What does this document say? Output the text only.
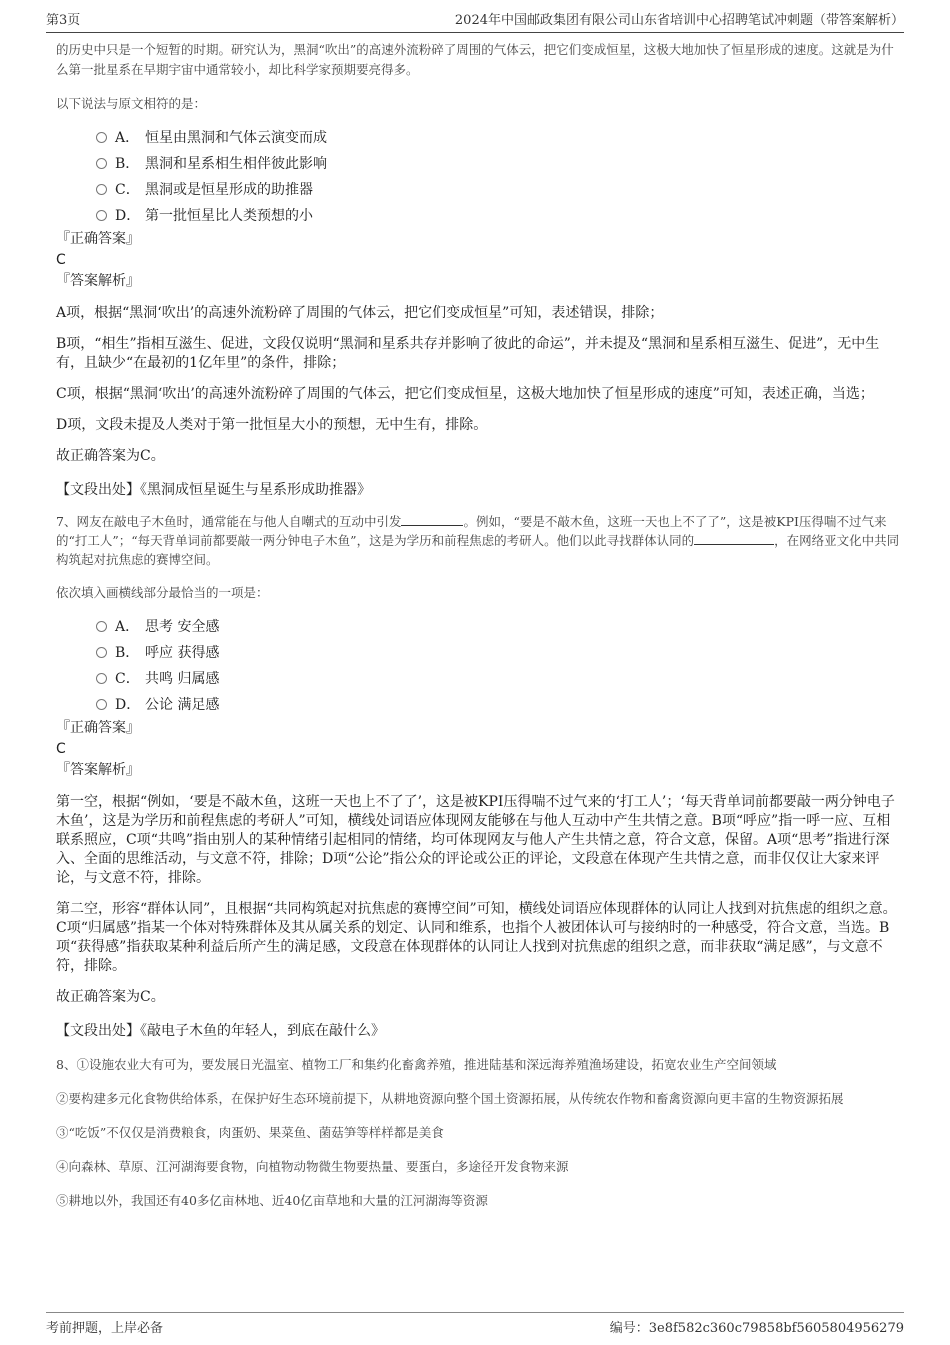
第3页	2024年中国邮政集团有限公司山东省培训中心招聘笔试冲刺题（带答案解析）

的历史中只是一个短暂的时期。研究认为，黑洞“吹出”的高速外流粉碎了周围的气体云，把它们变成恒星，这极大地加快了恒星形成的速度。这就是为什么第一批星系在早期宇宙中通常较小，却比科学家预期要亮得多。

以下说法与原文相符的是：

A． 恒星由黑洞和气体云演变而成
B． 黑洞和星系相生相伴彼此影响
C． 黑洞或是恒星形成的助推器
D． 第一批恒星比人类预想的小

『正确答案』

C

『答案解析』

A项，根据“黑洞‘吹出’的高速外流粉碎了周围的气体云，把它们变成恒星”可知，表述错误，排除；

B项，“相生”指相互滋生、促进，文段仅说明“黑洞和星系共存并影响了彼此的命运”，并未提及“黑洞和星系相互滋生、促进”，无中生有，且缺少“在最初的1亿年里”的条件，排除；

C项，根据“黑洞‘吹出’的高速外流粉碎了周围的气体云，把它们变成恒星，这极大地加快了恒星形成的速度”可知，表述正确，当选；

D项，文段未提及人类对于第一批恒星大小的预想，无中生有，排除。

故正确答案为C。

【文段出处】《黑洞成恒星诞生与星系形成助推器》

7、网友在敲电子木鱼时，通常能在与他人自嘲式的互动中引发	。例如，“要是不敲木鱼，这班一天也上不了了”，这是被KPI压得喘不过气来的“打工人”；“每天背单词前都要敲一两分钟电子木鱼”，这是为学历和前程焦虑的考研人。他们以此寻找群体认同的	，在网络亚文化中共同构筑起对抗焦虑的赛博空间。

依次填入画横线部分最恰当的一项是：

A． 思考 安全感
B． 呼应 获得感
C． 共鸣 归属感
D． 公论 满足感

『正确答案』

C

『答案解析』

第一空，根据“例如，‘要是不敲木鱼，这班一天也上不了了’，这是被KPI压得喘不过气来的‘打工人’；‘每天背单词前都要敲一两分钟电子木鱼’，这是为学历和前程焦虑的考研人”可知，横线处词语应体现网友能够在与他人互动中产生共情之意。B项“呼应”指一呼一应、互相联系照应，C项“共鸣”指由别人的某种情绪引起相同的情绪，均可体现网友与他人产生共情之意，符合文意，保留。A项“思考”指进行深入、全面的思维活动，与文意不符，排除；D项“公论”指公众的评论或公正的评论，文段意在体现产生共情之意，而非仅仅让大家来评论，与文意不符，排除。

第二空，形容“群体认同”，且根据“共同构筑起对抗焦虑的赛博空间”可知，横线处词语应体现群体的认同让人找到对抗焦虑的组织之意。C项“归属感”指某一个体对特殊群体及其从属关系的划定、认同和维系，也指个人被团体认可与接纳时的一种感受，符合文意，当选。B项“获得感”指获取某种利益后所产生的满足感，文段意在体现群体的认同让人找到对抗焦虑的组织之意，而非获取“满足感”，与文意不符，排除。

故正确答案为C。

【文段出处】《敲电子木鱼的年轻人，到底在敲什么》

8、①设施农业大有可为，要发展日光温室、植物工厂和集约化畜禽养殖，推进陆基和深远海养殖渔场建设，拓宽农业生产空间领域

②要构建多元化食物供给体系，在保护好生态环境前提下，从耕地资源向整个国土资源拓展，从传统农作物和畜禽资源向更丰富的生物资源拓展

③“吃饭”不仅仅是消费粮食，肉蛋奶、果菜鱼、菌菇笋等样样都是美食

④向森林、草原、江河湖海要食物，向植物动物微生物要热量、要蛋白，多途径开发食物来源

⑤耕地以外，我国还有40多亿亩林地、近40亿亩草地和大量的江河湖海等资源

考前押题，上岸必备	编号：3e8f582c360c79858bf5605804956279
